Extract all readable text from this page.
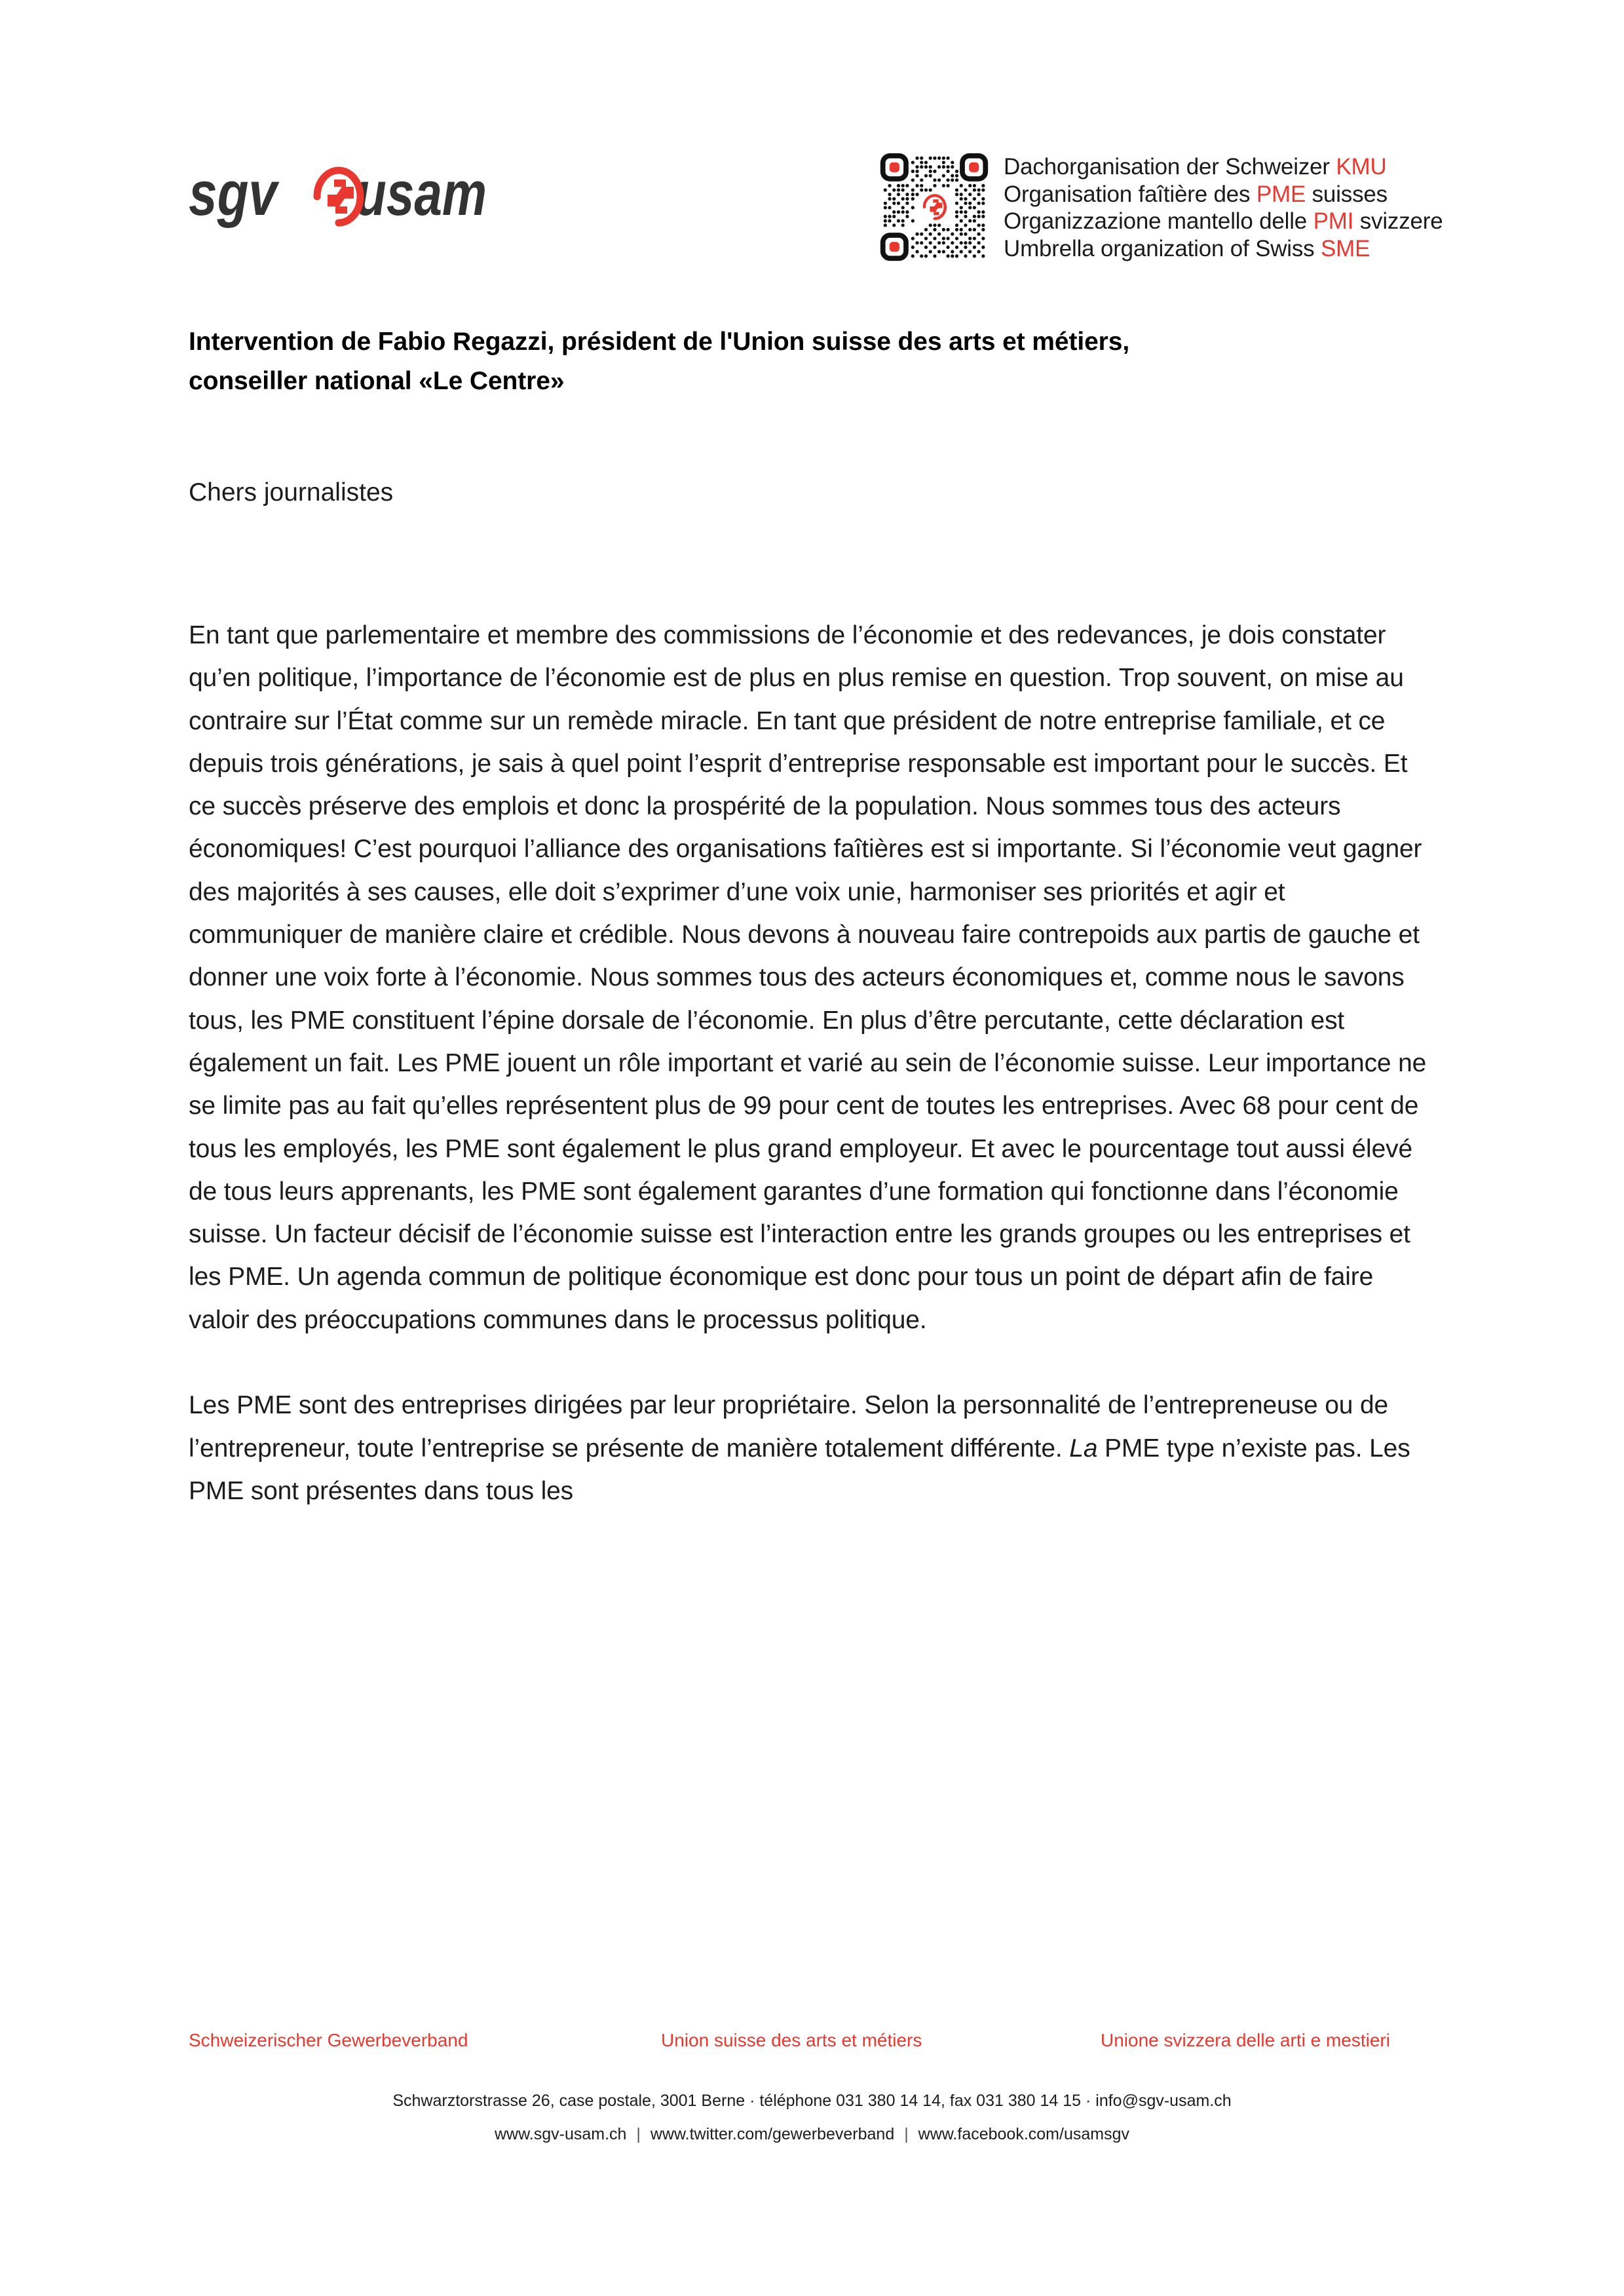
sgv usam	Dachorganisation der Schweizer KMU
Organisation faîtière des PME suisses
Organizzazione mantello delle PMI svizzere
Umbrella organization of Swiss SME
Intervention de Fabio Regazzi, président de l'Union suisse des arts et métiers,
conseiller national «Le Centre»
Chers journalistes

En tant que parlementaire et membre des commissions de l’économie et des redevances, je dois constater qu’en politique, l’importance de l’économie est de plus en plus remise en question. Trop souvent, on mise au contraire sur l’État comme sur un remède miracle. En tant que président de notre entreprise familiale, et ce depuis trois générations, je sais à quel point l’esprit d’entreprise responsable est important pour le succès. Et ce succès préserve des emplois et donc la prospérité de la population. Nous sommes tous des acteurs économiques! C’est pourquoi l’alliance des organisations faîtières est si importante. Si l’économie veut gagner des majorités à ses causes, elle doit s’exprimer d’une voix unie, harmoniser ses priorités et agir et communiquer de manière claire et crédible. Nous devons à nouveau faire contrepoids aux partis de gauche et donner une voix forte à l’économie. Nous sommes tous des acteurs économiques et, comme nous le savons tous, les PME constituent l’épine dorsale de l’économie. En plus d’être percutante, cette déclaration est également un fait. Les PME jouent un rôle important et varié au sein de l’économie suisse. Leur importance ne se limite pas au fait qu’elles représentent plus de 99 pour cent de toutes les entreprises. Avec 68 pour cent de tous les employés, les PME sont également le plus grand employeur. Et avec le pourcentage tout aussi élevé de tous leurs apprenants, les PME sont également garantes d’une formation qui fonctionne dans l’économie suisse. Un facteur décisif de l’économie suisse est l’interaction entre les grands groupes ou les entreprises et les PME. Un agenda commun de politique économique est donc pour tous un point de départ afin de faire valoir des préoccupations communes dans le processus politique.

Les PME sont des entreprises dirigées par leur propriétaire. Selon la personnalité de l’entrepreneuse ou de l’entrepreneur, toute l’entreprise se présente de manière totalement différente. La PME type n’existe pas. Les PME sont présentes dans tous les

Schweizerischer Gewerbeverband	Union suisse des arts et métiers	Unione svizzera delle arti e mestieri
Schwarztorstrasse 26, case postale, 3001 Berne · téléphone 031 380 14 14, fax 031 380 14 15 · info@sgv-usam.ch
www.sgv-usam.ch | www.twitter.com/gewerbeverband | www.facebook.com/usamsgv
